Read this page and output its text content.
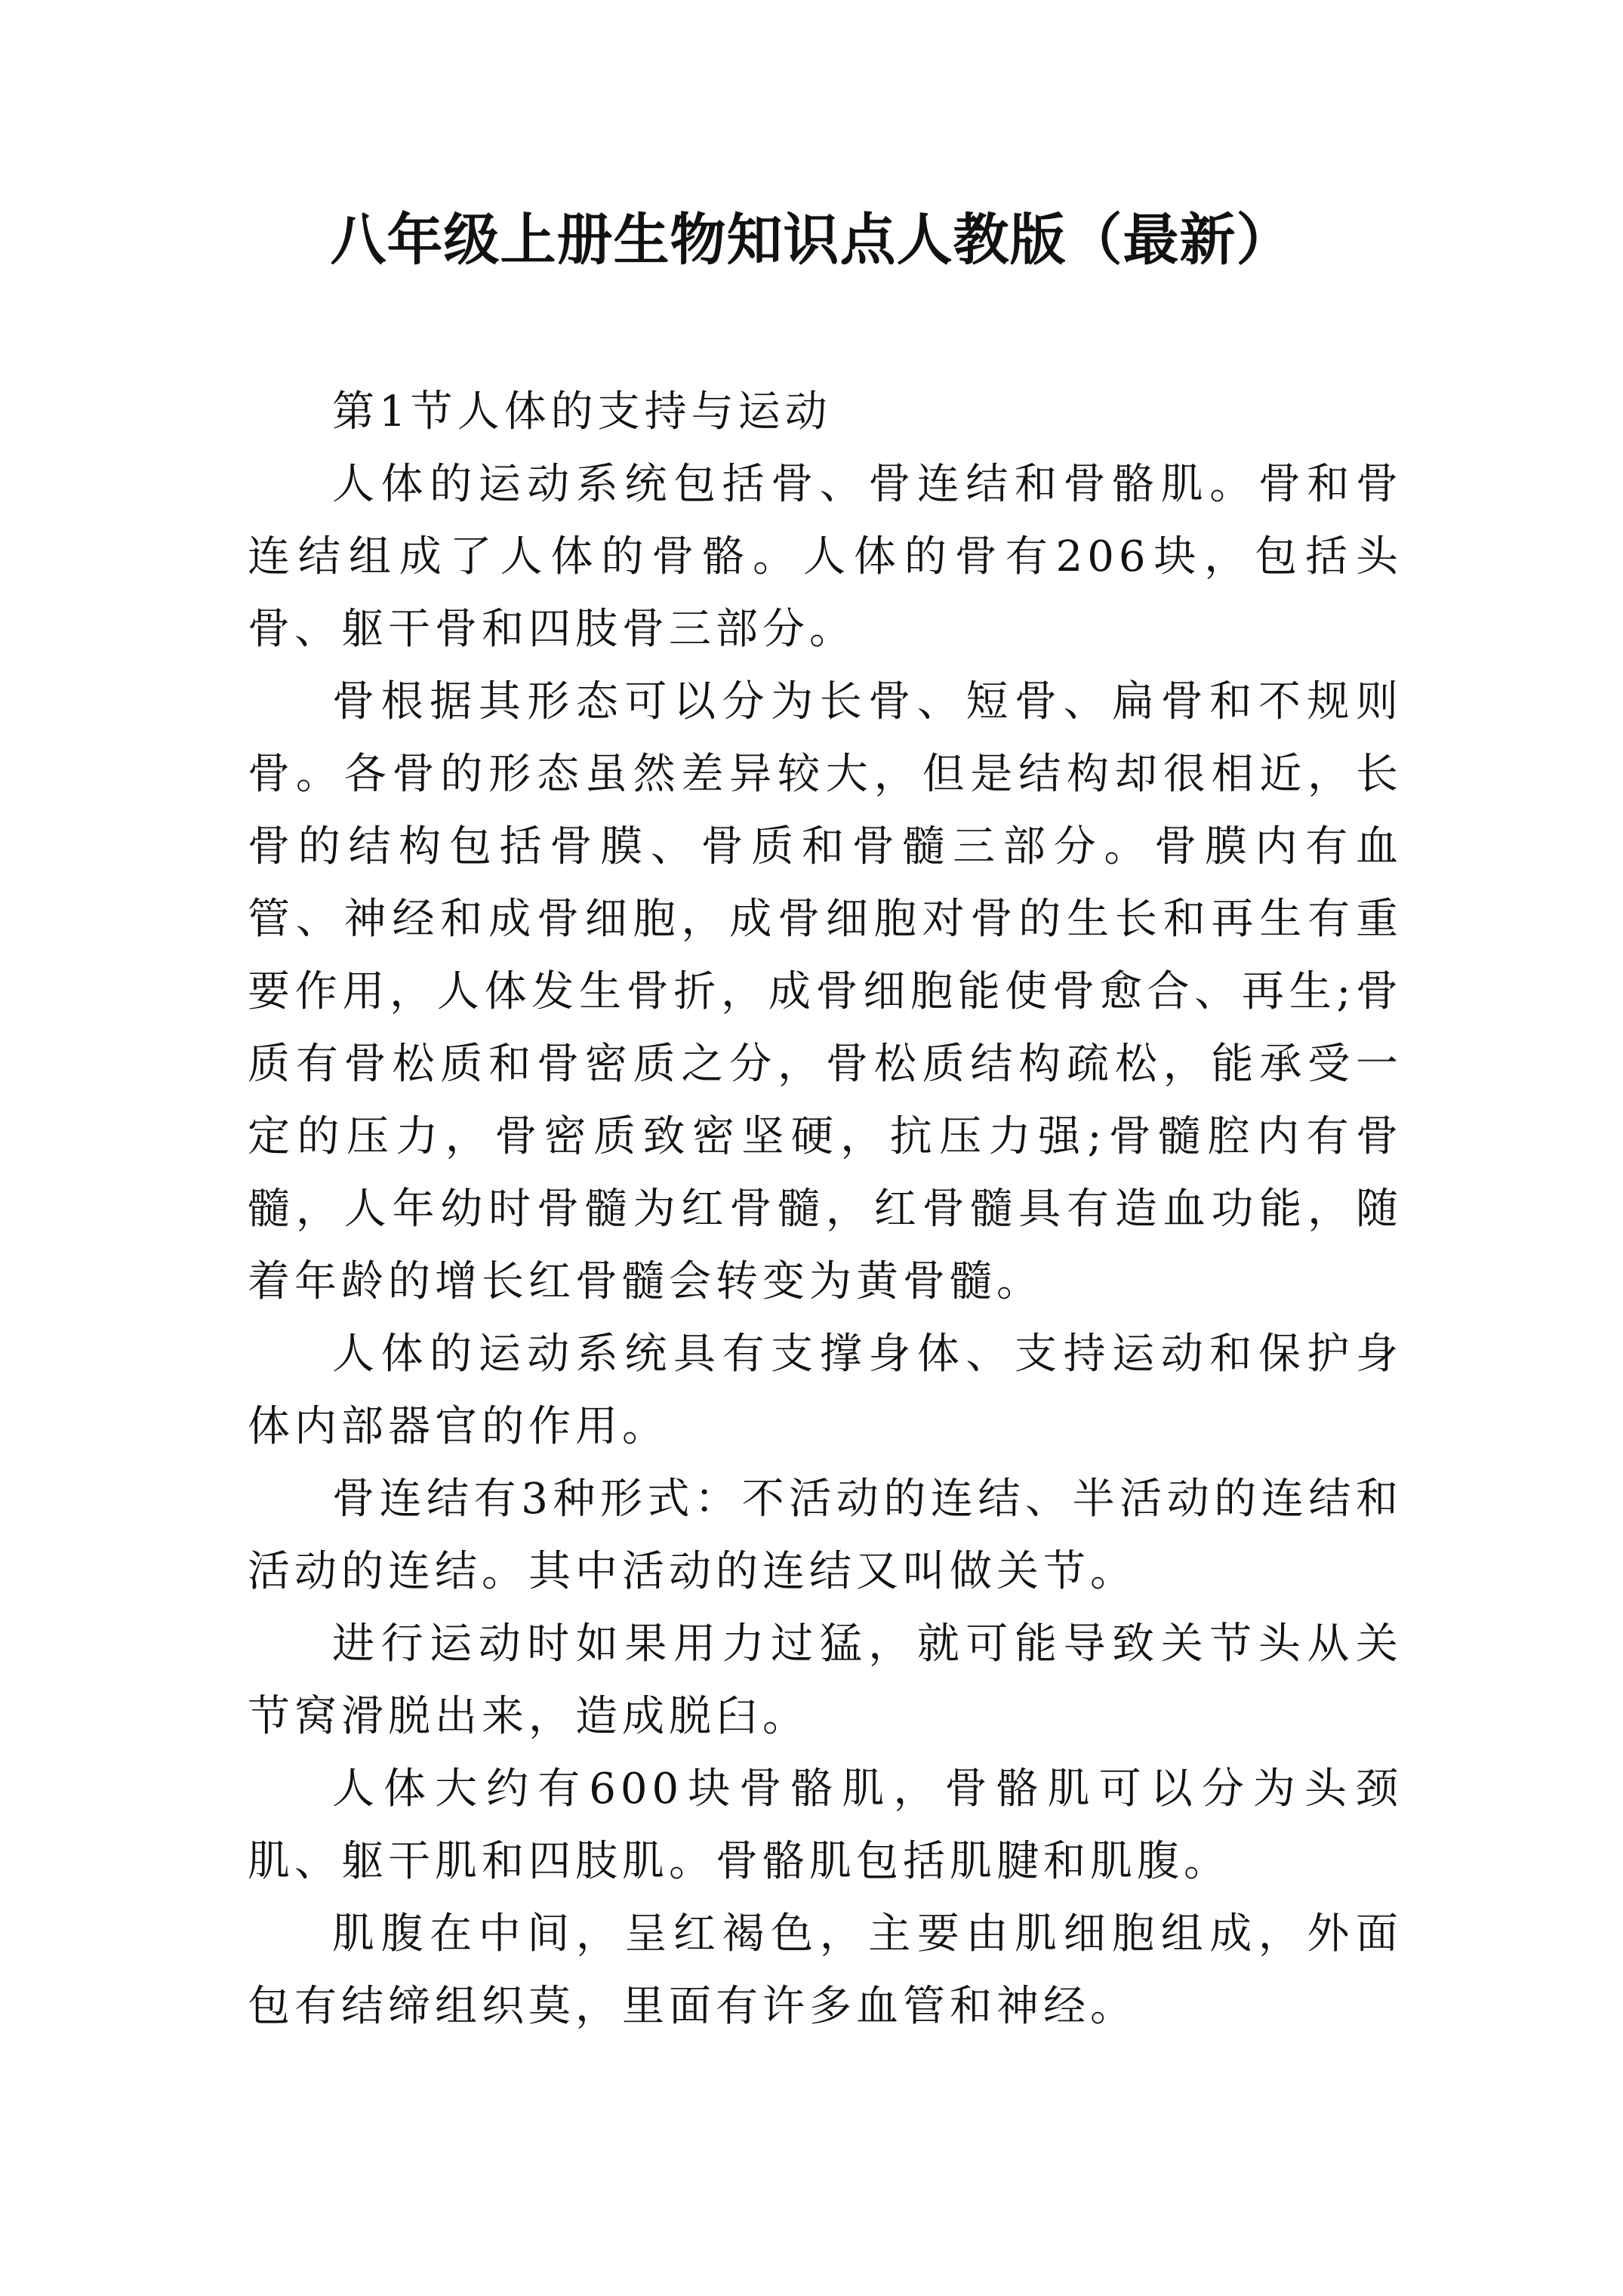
八年级上册生物知识点人教版（最新）

第1节人体的支持与运动

人体的运动系统包括骨、骨连结和骨骼肌。骨和骨连结组成了人体的骨骼。人体的骨有206块，包括头骨、躯干骨和四肢骨三部分。

骨根据其形态可以分为长骨、短骨、扁骨和不规则骨。各骨的形态虽然差异较大，但是结构却很相近，长骨的结构包括骨膜、骨质和骨髓三部分。骨膜内有血管、神经和成骨细胞，成骨细胞对骨的生长和再生有重要作用，人体发生骨折，成骨细胞能使骨愈合、再生;骨质有骨松质和骨密质之分，骨松质结构疏松，能承受一定的压力，骨密质致密坚硬，抗压力强;骨髓腔内有骨髓，人年幼时骨髓为红骨髓，红骨髓具有造血功能，随着年龄的增长红骨髓会转变为黄骨髓。

人体的运动系统具有支撑身体、支持运动和保护身体内部器官的作用。

骨连结有3种形式：不活动的连结、半活动的连结和活动的连结。其中活动的连结又叫做关节。

进行运动时如果用力过猛，就可能导致关节头从关节窝滑脱出来，造成脱臼。

人体大约有600块骨骼肌，骨骼肌可以分为头颈肌、躯干肌和四肢肌。骨骼肌包括肌腱和肌腹。

肌腹在中间，呈红褐色，主要由肌细胞组成，外面包有结缔组织莫，里面有许多血管和神经。
